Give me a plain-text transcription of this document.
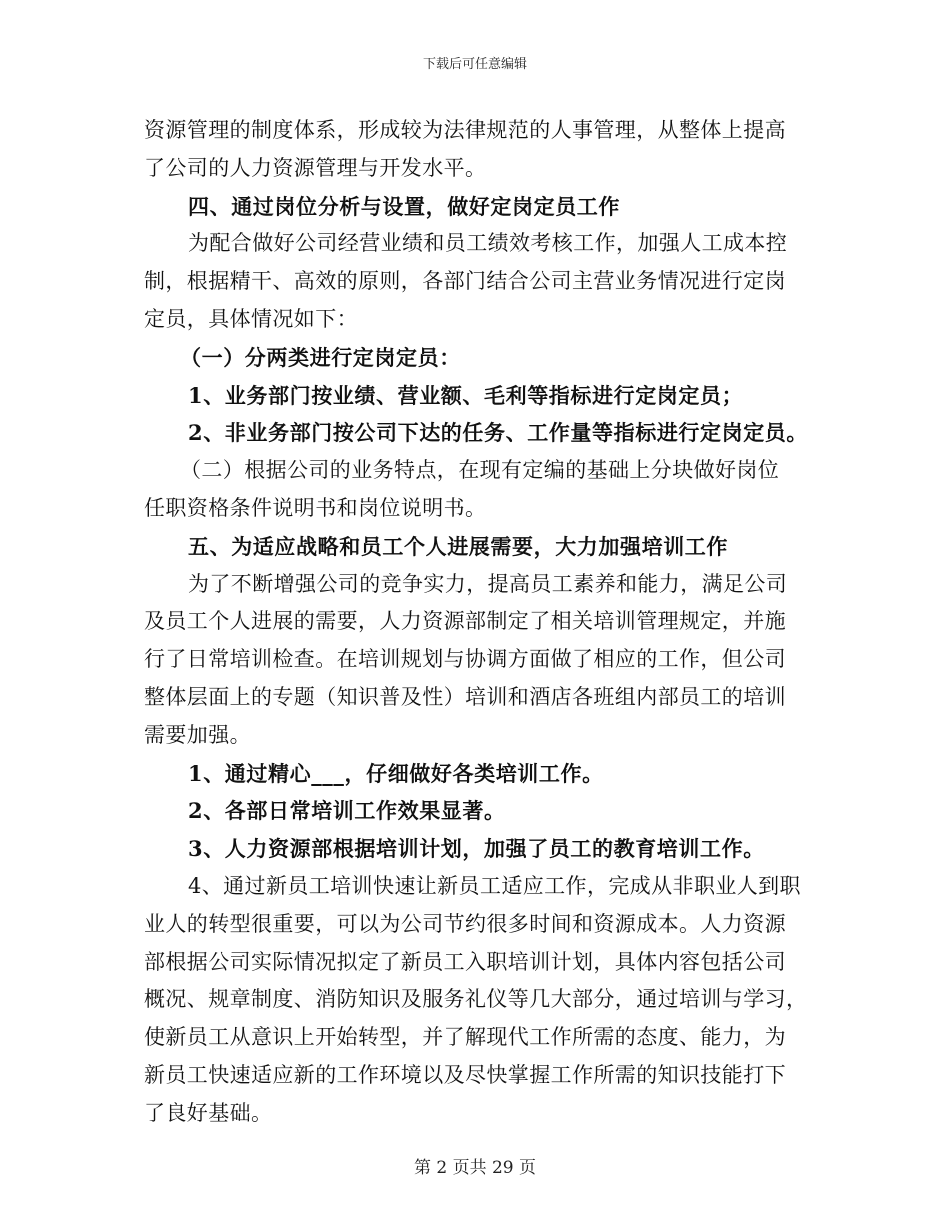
下载后可任意编辑
资源管理的制度体系，形成较为法律规范的人事管理，从整体上提高
了公司的人力资源管理与开发水平。
四、通过岗位分析与设置，做好定岗定员工作
为配合做好公司经营业绩和员工绩效考核工作，加强人工成本控
制，根据精干、高效的原则，各部门结合公司主营业务情况进行定岗
定员，具体情况如下：
（一）分两类进行定岗定员：
1、业务部门按业绩、营业额、毛利等指标进行定岗定员；
2、非业务部门按公司下达的任务、工作量等指标进行定岗定员。
（二）根据公司的业务特点，在现有定编的基础上分块做好岗位
任职资格条件说明书和岗位说明书。
五、为适应战略和员工个人进展需要，大力加强培训工作
为了不断增强公司的竞争实力，提高员工素养和能力，满足公司
及员工个人进展的需要，人力资源部制定了相关培训管理规定，并施
行了日常培训检查。在培训规划与协调方面做了相应的工作，但公司
整体层面上的专题（知识普及性）培训和酒店各班组内部员工的培训
需要加强。
1、通过精心___，仔细做好各类培训工作。
2、各部日常培训工作效果显著。
3、人力资源部根据培训计划，加强了员工的教育培训工作。
4、通过新员工培训快速让新员工适应工作，完成从非职业人到职
业人的转型很重要，可以为公司节约很多时间和资源成本。人力资源
部根据公司实际情况拟定了新员工入职培训计划，具体内容包括公司
概况、规章制度、消防知识及服务礼仪等几大部分，通过培训与学习，
使新员工从意识上开始转型，并了解现代工作所需的态度、能力，为
新员工快速适应新的工作环境以及尽快掌握工作所需的知识技能打下
了良好基础。
第 2 页共 29 页
